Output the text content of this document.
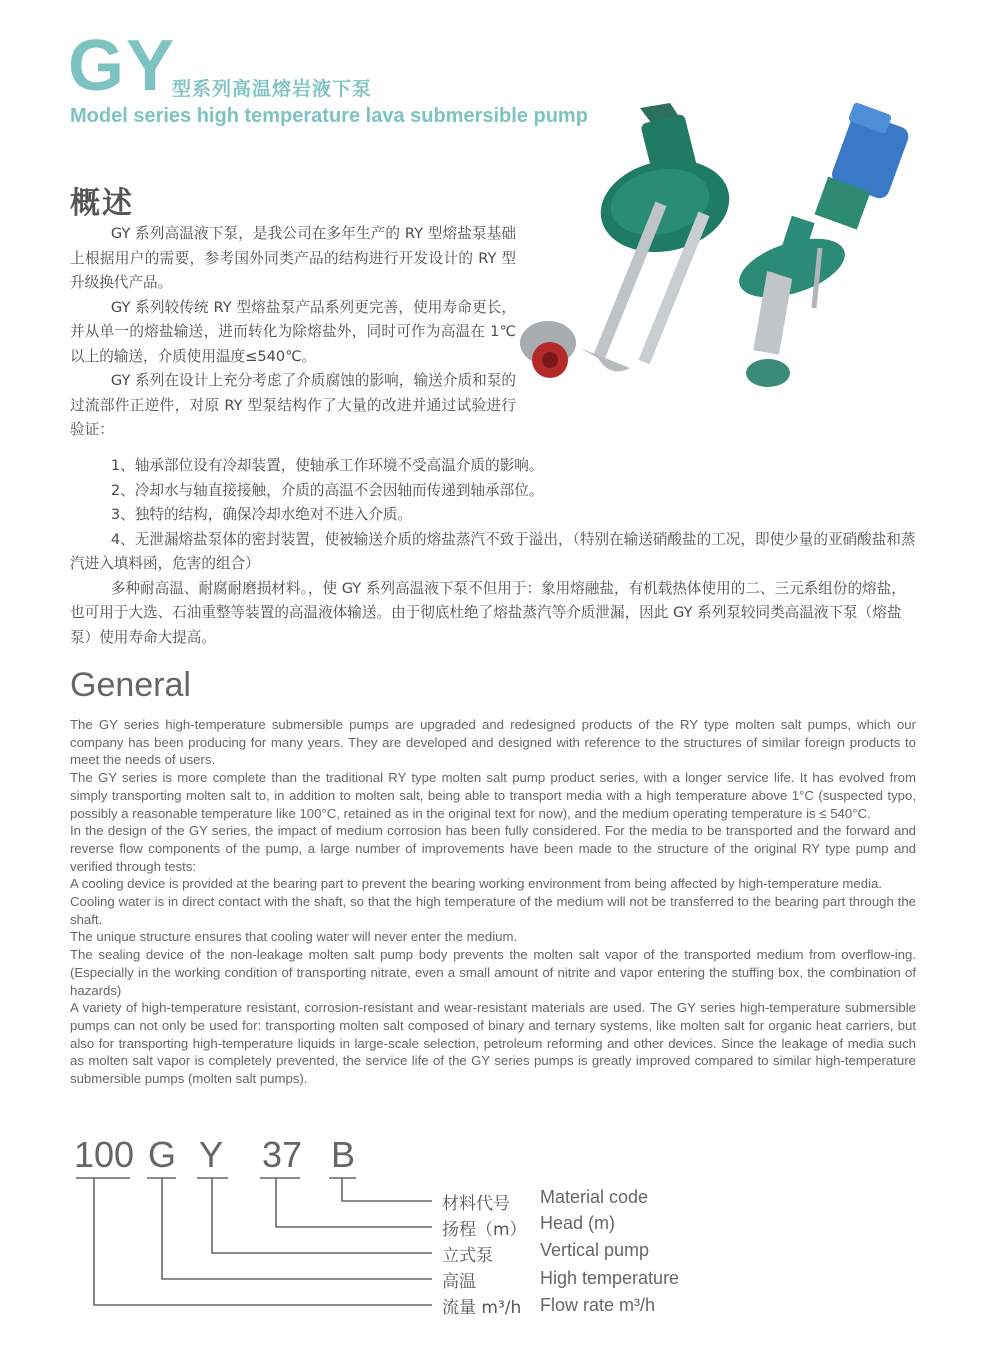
GY
型系列高温熔岩液下泵
Model series high temperature lava submersible pump
概述

GY 系列高温液下泵，是我公司在多年生产的 RY 型熔盐泵基础上根据用户的需要，参考国外同类产品的结构进行开发设计的 RY 型升级换代产品。

GY 系列较传统 RY 型熔盐泵产品系列更完善，使用寿命更长，并从单一的熔盐输送，进而转化为除熔盐外，同时可作为高温在 1℃以上的输送，介质使用温度≤540℃。

GY 系列在设计上充分考虑了介质腐蚀的影响，输送介质和泵的过流部件正逆件，对原 RY 型泵结构作了大量的改进并通过试验进行验证：

1、轴承部位设有冷却装置，使轴承工作环境不受高温介质的影响。

2、冷却水与轴直接接触，介质的高温不会因轴而传递到轴承部位。

3、独特的结构，确保冷却水绝对不进入介质。

4、无泄漏熔盐泵体的密封装置，使被输送介质的熔盐蒸汽不致于溢出，（特别在输送硝酸盐的工况，即使少量的亚硝酸盐和蒸汽进入填料函，危害的组合）

多种耐高温、耐腐耐磨损材料。，使 GY 系列高温液下泵不但用于：象用熔融盐，有机载热体使用的二、三元系组份的熔盐，也可用于大选、石油重整等装置的高温液体输送。由于彻底杜绝了熔盐蒸汽等介质泄漏，因此 GY 系列泵较同类高温液下泵（熔盐泵）使用寿命大提高。

General

The GY series high-temperature submersible pumps are upgraded and redesigned products of the RY type molten salt pumps, which our company has been producing for many years. They are developed and designed with reference to the structures of similar foreign products to meet the needs of users.

The GY series is more complete than the traditional RY type molten salt pump product series, with a longer service life. It has evolved from simply transporting molten salt to, in addition to molten salt, being able to transport media with a high temperature above 1°C (suspected typo, possibly a reasonable temperature like 100°C, retained as in the original text for now), and the medium operating temperature is ≤ 540°C.

In the design of the GY series, the impact of medium corrosion has been fully considered. For the media to be transported and the forward and reverse flow components of the pump, a large number of improvements have been made to the structure of the original RY type pump and verified through tests:

A cooling device is provided at the bearing part to prevent the bearing working environment from being affected by high-temperature media.

Cooling water is in direct contact with the shaft, so that the high temperature of the medium will not be transferred to the bearing part through the shaft.

The unique structure ensures that cooling water will never enter the medium.

The sealing device of the non-leakage molten salt pump body prevents the molten salt vapor of the transported medium from overflow-ing. (Especially in the working condition of transporting nitrate, even a small amount of nitrite and vapor entering the stuffing box, the combination of hazards)

A variety of high-temperature resistant, corrosion-resistant and wear-resistant materials are used. The GY series high-temperature submersible pumps can not only be used for: transporting molten salt composed of binary and ternary systems, like molten salt for organic heat carriers, but also for transporting high-temperature liquids in large-scale selection, petroleum reforming and other devices. Since the leakage of media such as molten salt vapor is completely prevented, the service life of the GY series pumps is greatly improved compared to similar high-temperature submersible pumps (molten salt pumps).

100 G Y 37 B
材料代号 Material code
扬程（m） Head (m)
立式泵	Vertical pump
高温	High temperature
流量 m³/h Flow rate m³/h
